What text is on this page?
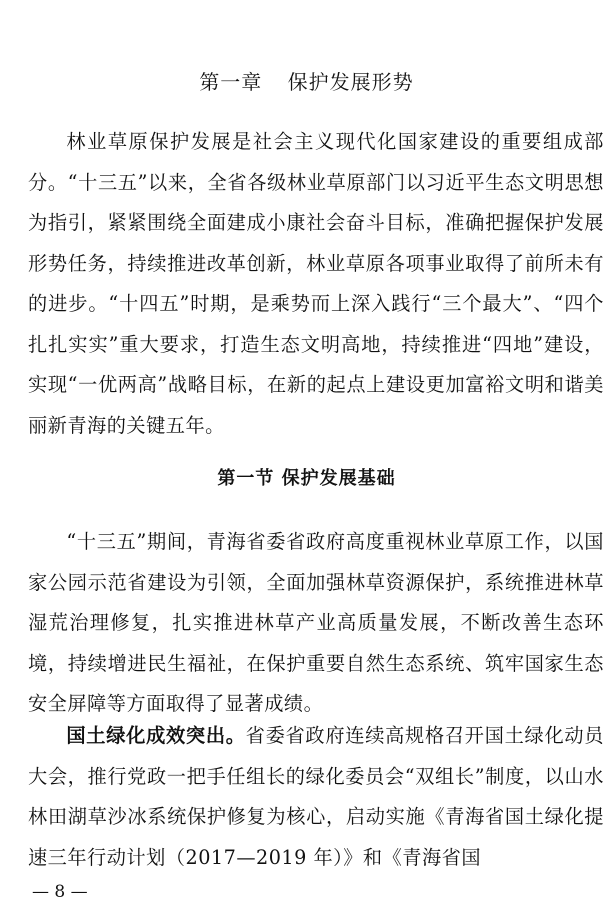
第一章 保护发展形势

林业草原保护发展是社会主义现代化国家建设的重要组成部分。“十三五”以来，全省各级林业草原部门以习近平生态文明思想为指引，紧紧围绕全面建成小康社会奋斗目标，准确把握保护发展形势任务，持续推进改革创新，林业草原各项事业取得了前所未有的进步。“十四五”时期，是乘势而上深入践行“三个最大”、“四个扎扎实实”重大要求，打造生态文明高地，持续推进“四地”建设，实现“一优两高”战略目标，在新的起点上建设更加富裕文明和谐美丽新青海的关键五年。

第一节 保护发展基础

“十三五”期间，青海省委省政府高度重视林业草原工作，以国家公园示范省建设为引领，全面加强林草资源保护，系统推进林草湿荒治理修复，扎实推进林草产业高质量发展，不断改善生态环境，持续增进民生福祉，在保护重要自然生态系统、筑牢国家生态安全屏障等方面取得了显著成绩。

国土绿化成效突出。省委省政府连续高规格召开国土绿化动员大会，推行党政一把手任组长的绿化委员会“双组长”制度，以山水林田湖草沙冰系统保护修复为核心，启动实施《青海省国土绿化提速三年行动计划（2017—2019 年）》和《青海省国

— 8 —
